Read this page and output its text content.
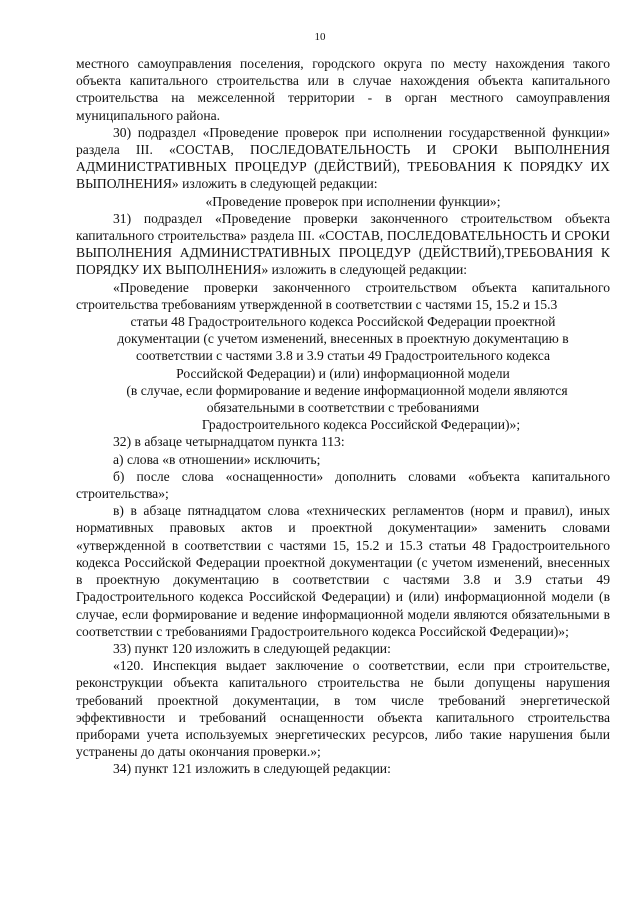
10

местного самоуправления поселения, городского округа по месту нахождения такого объекта капитального строительства или в случае нахождения объекта капитального строительства на межселенной территории - в орган местного самоуправления муниципального района.

30) подраздел «Проведение проверок при исполнении государственной функции» раздела III. «СОСТАВ, ПОСЛЕДОВАТЕЛЬНОСТЬ И СРОКИ ВЫПОЛНЕНИЯ АДМИНИСТРАТИВНЫХ ПРОЦЕДУР (ДЕЙСТВИЙ), ТРЕБОВАНИЯ К ПОРЯДКУ ИХ ВЫПОЛНЕНИЯ» изложить в следующей редакции:

«Проведение проверок при исполнении функции»;

31) подраздел «Проведение проверки законченного строительством объекта капитального строительства» раздела III. «СОСТАВ, ПОСЛЕДОВАТЕЛЬНОСТЬ И СРОКИ ВЫПОЛНЕНИЯ АДМИНИСТРАТИВНЫХ ПРОЦЕДУР (ДЕЙСТВИЙ),ТРЕБОВАНИЯ К ПОРЯДКУ ИХ ВЫПОЛНЕНИЯ» изложить в следующей редакции:

«Проведение проверки законченного строительством объекта капитального строительства требованиям утвержденной в соответствии с частями 15, 15.2 и 15.3

статьи 48 Градостроительного кодекса Российской Федерации проектной

документации (с учетом изменений, внесенных в проектную документацию в

соответствии с частями 3.8 и 3.9 статьи 49 Градостроительного кодекса

Российской Федерации) и (или) информационной модели

(в случае, если формирование и ведение информационной модели являются

обязательными в соответствии с требованиями

Градостроительного кодекса Российской Федерации)»;

32) в абзаце четырнадцатом пункта 113:

а) слова «в отношении» исключить;

б) после слова «оснащенности» дополнить словами «объекта капитального строительства»;

в) в абзаце пятнадцатом слова «технических регламентов (норм и правил), иных нормативных правовых актов и проектной документации» заменить словами «утвержденной в соответствии с частями 15, 15.2 и 15.3 статьи 48 Градостроительного кодекса Российской Федерации проектной документации (с учетом изменений, внесенных в проектную документацию в соответствии с частями 3.8 и 3.9 статьи 49 Градостроительного кодекса Российской Федерации) и (или) информационной модели (в случае, если формирование и ведение информационной модели являются обязательными в соответствии с требованиями Градостроительного кодекса Российской Федерации)»;

33) пункт 120 изложить в следующей редакции:

«120. Инспекция выдает заключение о соответствии, если при строительстве, реконструкции объекта капитального строительства не были допущены нарушения требований проектной документации, в том числе требований энергетической эффективности и требований оснащенности объекта капитального строительства приборами учета используемых энергетических ресурсов, либо такие нарушения были устранены до даты окончания проверки.»;

34) пункт 121 изложить в следующей редакции:
